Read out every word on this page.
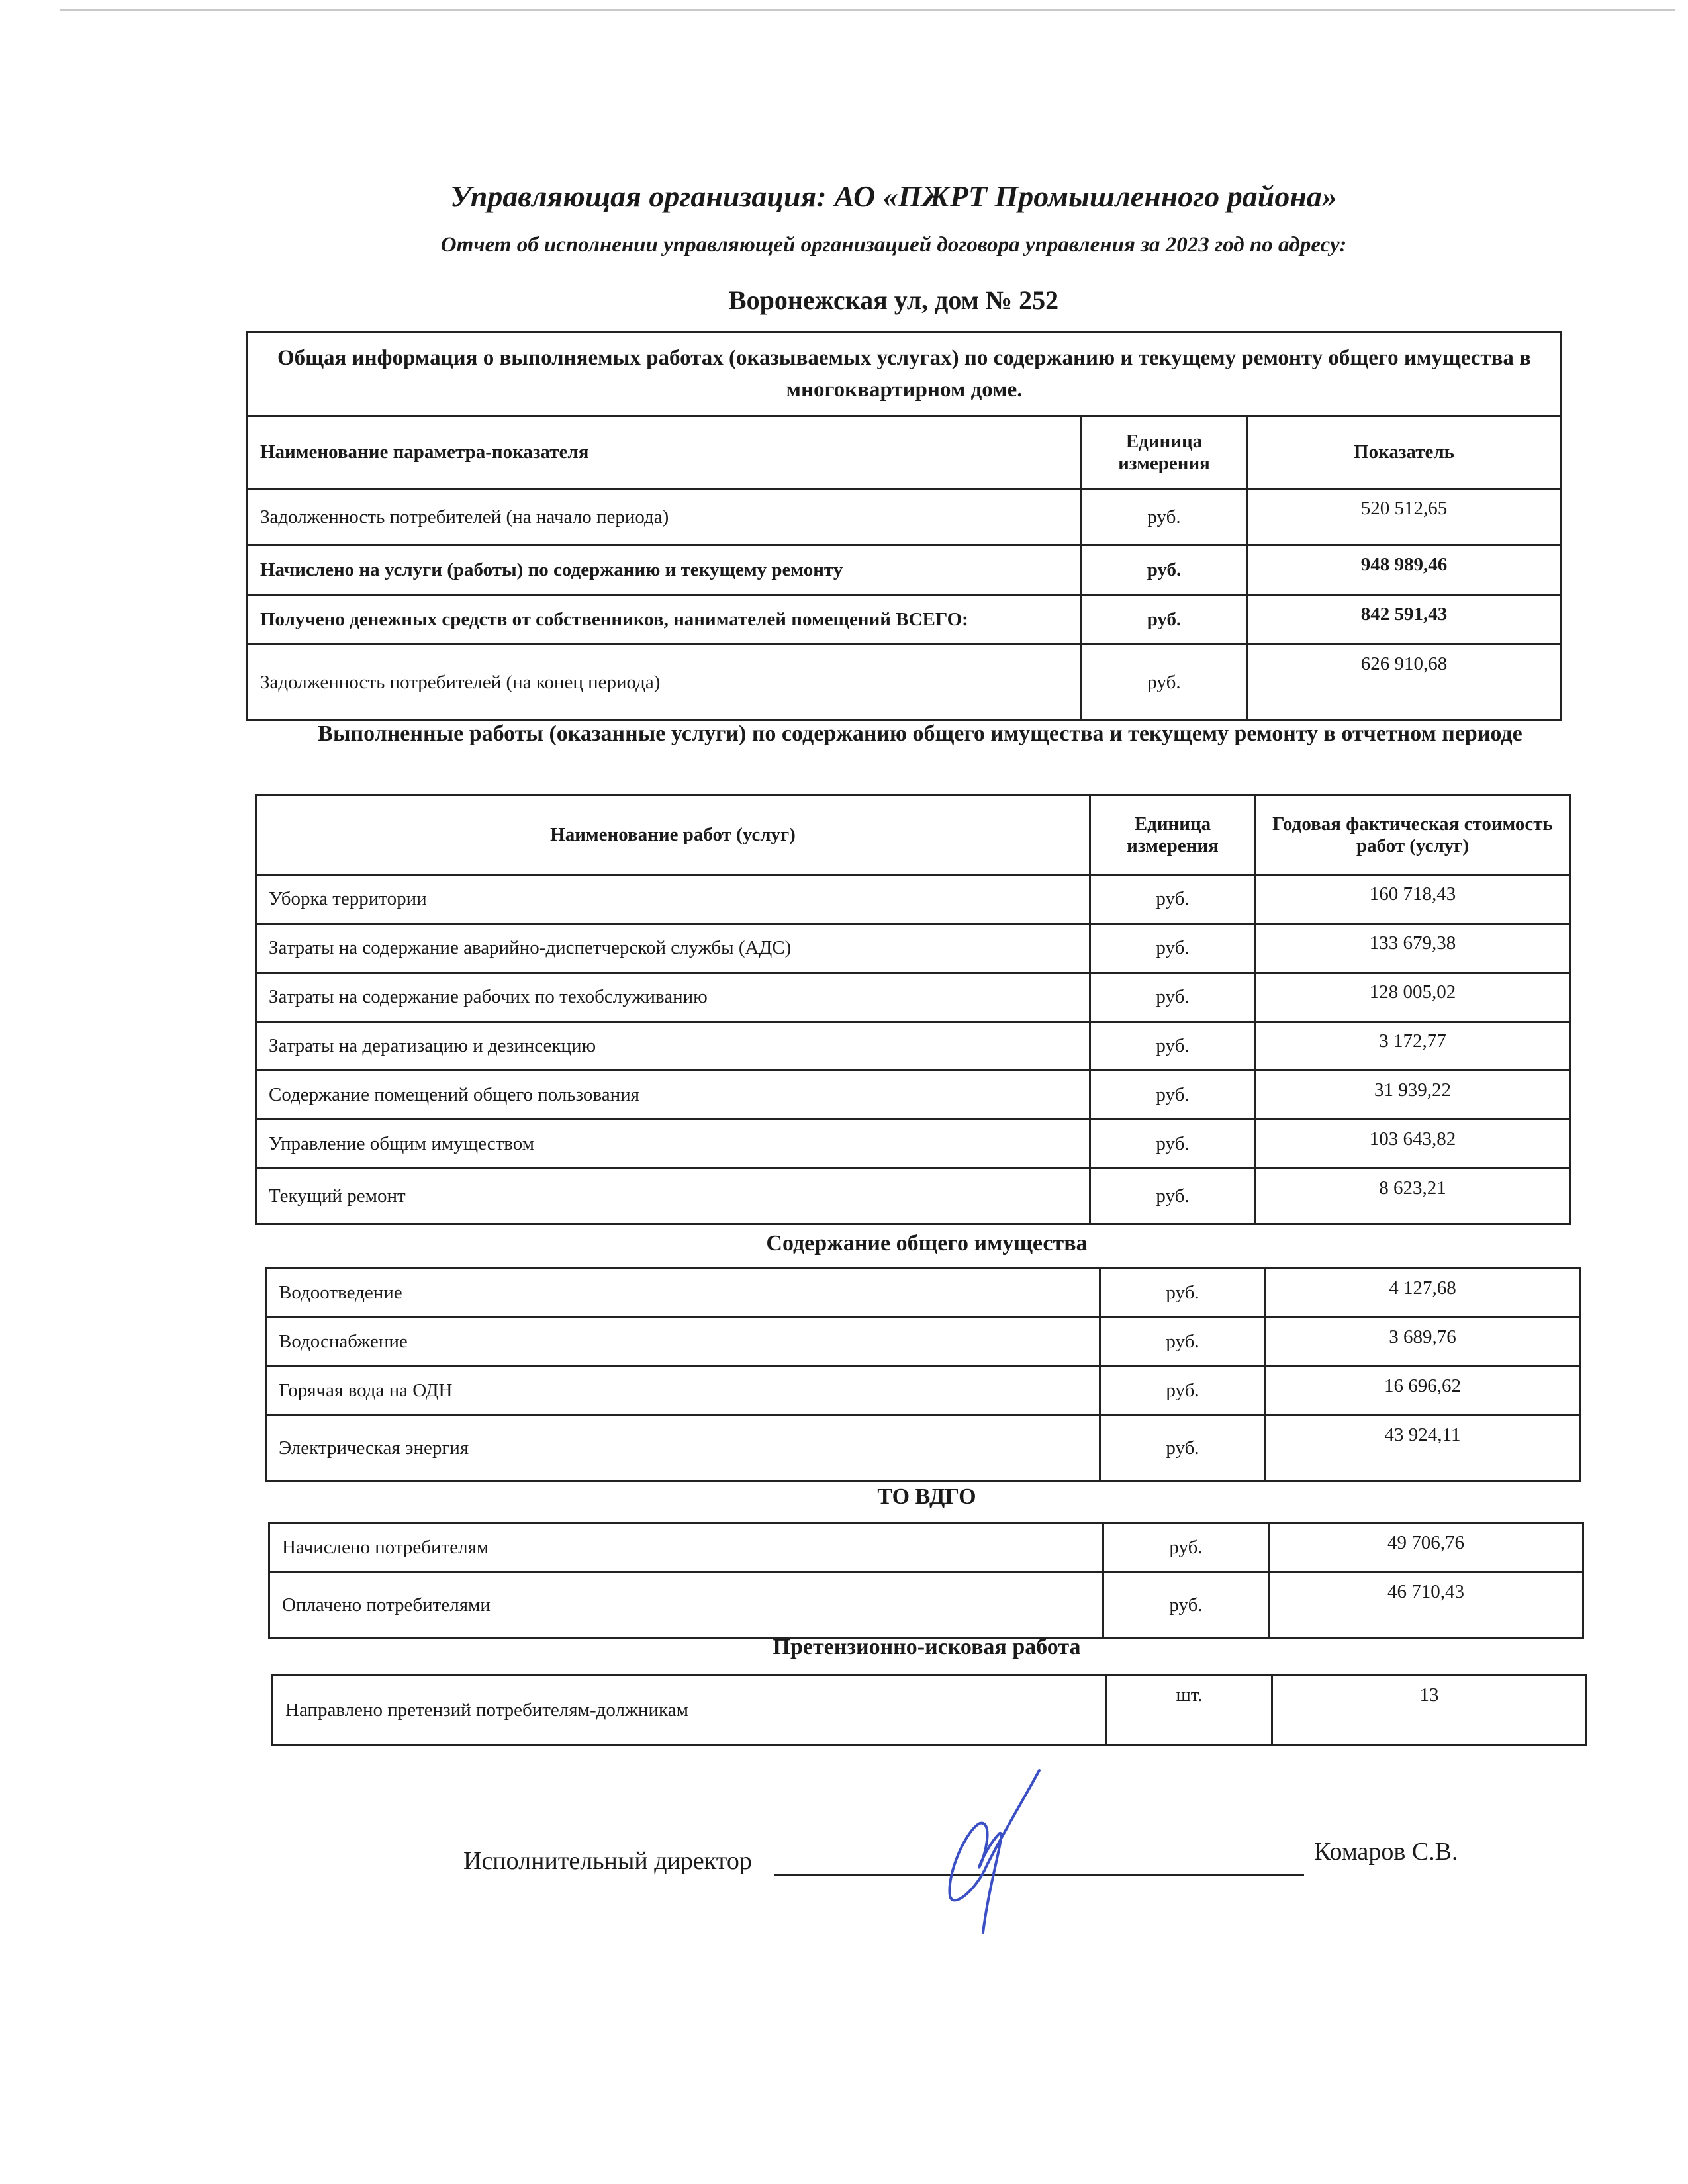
Управляющая организация: АО «ПЖРТ Промышленного района»
Отчет об исполнении управляющей организацией договора управления за 2023 год по адресу:
Воронежская ул, дом № 252
Общая информация о выполняемых работах (оказываемых услугах) по содержанию и текущему ремонту общего имущества в многоквартирном доме.		
Наименование параметра-показателя	Единица измерения	Показатель
Задолженность потребителей (на начало периода)	руб.	520 512,65
Начислено на услуги (работы) по содержанию и текущему ремонту	руб.	948 989,46
Получено денежных средств от собственников, нанимателей помещений ВСЕГО:	руб.	842 591,43
Задолженность потребителей (на конец периода)	руб.	626 910,68
Выполненные работы (оказанные услуги) по содержанию общего имущества и текущему ремонту в отчетном периоде
Наименование работ (услуг)	Единица измерения	Годовая фактическая стоимость работ (услуг)
Уборка территории	руб.	160 718,43
Затраты на содержание аварийно-диспетчерской службы (АДС)	руб.	133 679,38
Затраты на содержание рабочих по техобслуживанию	руб.	128 005,02
Затраты на дератизацию и дезинсекцию	руб.	3 172,77
Содержание помещений общего пользования	руб.	31 939,22
Управление общим имуществом	руб.	103 643,82
Текущий ремонт	руб.	8 623,21
Содержание общего имущества
Водоотведение	руб.	4 127,68
Водоснабжение	руб.	3 689,76
Горячая вода на ОДН	руб.	16 696,62
Электрическая энергия	руб.	43 924,11
ТО ВДГО
Начислено потребителям	руб.	49 706,76
Оплачено потребителями	руб.	46 710,43
Претензионно-исковая работа
Направлено претензий потребителям-должникам	шт.	13
Исполнительный директор	Комаров С.В.
